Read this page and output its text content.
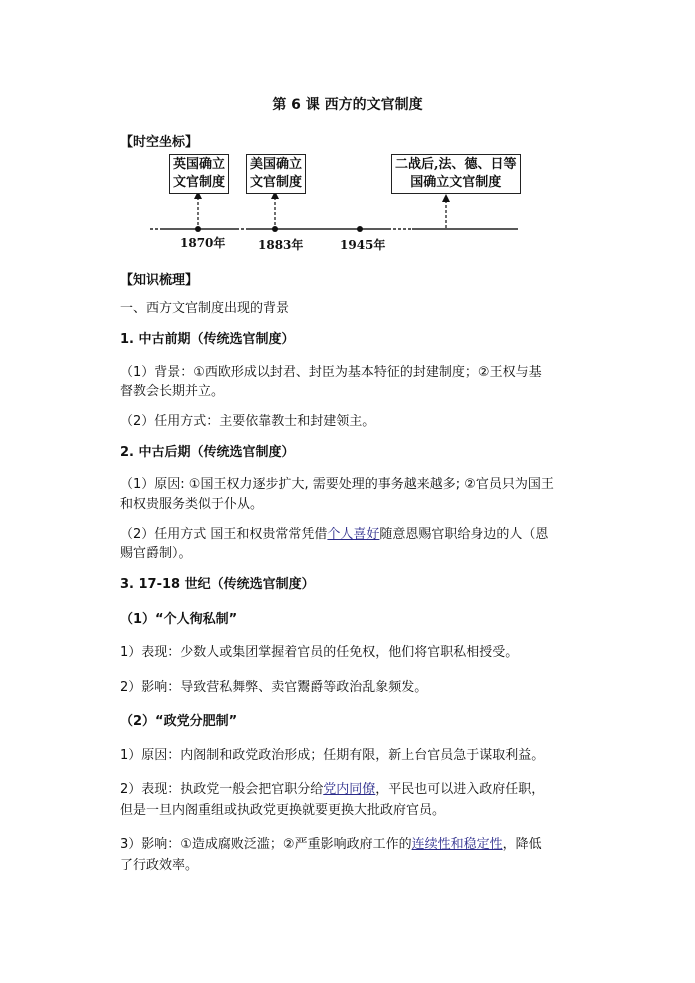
第 6 课 西方的文官制度
【时空坐标】
英国确立
文官制度
美国确立
文官制度
二战后,法、德、日等
国确立文官制度
1870年	1883年	1945年
【知识梳理】
一、西方文官制度出现的背景
1. 中古前期（传统选官制度）
（1）背景：①西欧形成以封君、封臣为基本特征的封建制度；②王权与基
督教会长期并立。
（2）任用方式：主要依靠教士和封建领主。
2. 中古后期（传统选官制度）
（1）原因: ①国王权力逐步扩大, 需要处理的事务越来越多; ②官员只为国王
和权贵服务类似于仆从。
（2）任用方式 国王和权贵常常凭借个人喜好随意恩赐官职给身边的人（恩
赐官爵制）。
3. 17-18 世纪（传统选官制度）
（1）“个人徇私制”
1）表现：少数人或集团掌握着官员的任免权，他们将官职私相授受。
2）影响：导致营私舞弊、卖官鬻爵等政治乱象频发。
（2）“政党分肥制”
1）原因：内阁制和政党政治形成；任期有限，新上台官员急于谋取利益。
2）表现：执政党一般会把官职分给党内同僚，平民也可以进入政府任职，
但是一旦内阁重组或执政党更换就要更换大批政府官员。
3）影响：①造成腐败泛滥；②严重影响政府工作的连续性和稳定性，降低
了行政效率。
